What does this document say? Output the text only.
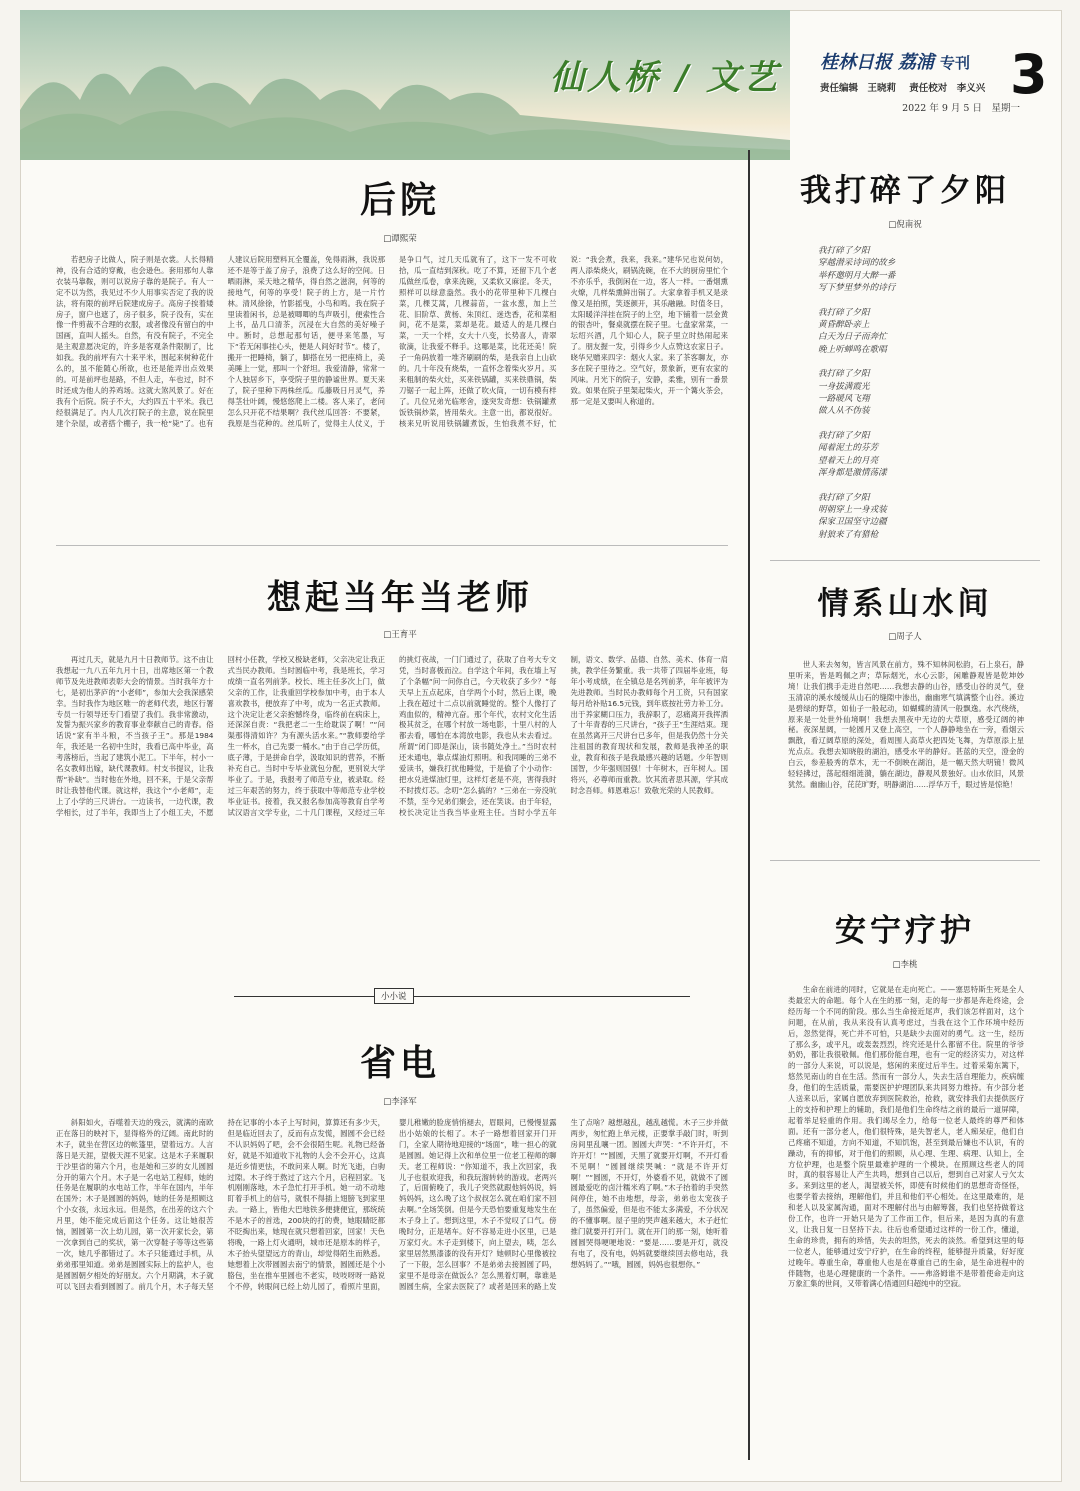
仙人桥 / 文艺 桂林日报 荔浦 专刊
责任编辑　王晓莉 责任校对　李义兴
2022 年 9 月 5 日　星期一
3
后院
□谭熙荣

若把房子比做人，院子则是衣裳。人长得精神，没有合适的穿戴，也会逊色。套用那句人靠衣装马靠鞍，则可以说房子靠的是院子。有人一定不以为然，我见过不少人用事实否定了我的说法，将有限的前坪后院建成房子。高房子挨着矮房子，窗户也遮了，房子很多，院子没有，实在像一件剪裁不合理的衣服，或者像没有留白的中国画，直叫人摇头。自然，有没有院子，不完全是主观意愿决定的，许多是客观条件限制了，比如我。我的前坪有六十来平米，围起来树种花什么的，虽不能随心所欲，也还是能弄出点效果的。可是前坪也是路，不但人走，车也过，时不时还成为他人的养鸡场。这就大煞风景了。好在我有个后院。院子不大，大约四五十平米。我已经很满足了。内人几次打院子的主意，说在院里建个杂屋，或者搭个棚子，我一枪“毙”了。也有人建议后院用塑料瓦全覆盖，免得雨淋，我说那还不是等于盖了房子，浪费了这么好的空间。日晒雨淋，采天地之精华，得自然之滋润，何等的接地气，何等的享受！院子的上方，是一片竹林。清风徐徐，竹影摇曳，小鸟和鸣。我在院子里读着闲书，总是被唧唧的鸟声吸引，便索性合上书，品几口清茶，沉浸在大自然的美好噪子中。断时，总想起那句话，便寻来笔墨，写下“若无闲事挂心头，便是人间好时节”。楼了，搬开一把睡椅，躺了，脚搭在另一把座椅上，美美睡上一觉，那叫一个舒坦。我爱清静，常常一个人独居乡下，享受院子里的静谧世界。夏天来了，院子里种下两株丝瓜。瓜藤吸日月灵气，养得茎壮叶阔，慢悠悠爬上二楼。客人来了，老问怎么只开花不结果啊？我代丝瓜回答：不要紧，我原是当花种的。丝瓜听了，觉得主人仗义，于是争口气，过几天瓜就有了，这下一发不可收拾，瓜一直结到深秋。吃了不算，还留下几个老瓜做丝瓜卷，拿来洗碗，又柔软又麻涩。冬天，照样可以绿意盎然。我小的花带里种下几棵白菜，几棵艾蒿，几棵蒜苗，一盆水葱，加上兰花、旧阶草、黄杨、朱顶红、迷迭香，花和菜相间，花不是菜，菜却是花。最适人的是几棵白菜，一天一个样，女大十八变，长势喜人，青翠欲滴，让我爱不释手。这哪是菜，比花还美！院子一角码放着一堆齐刷刷的柴，是我亲自上山砍的。几十年没有烧柴，一直怀念着柴火岁月。买来粗制的柴火灶，买来铁锅罐，买来铁鼎锅，柴刀锯子一起上阵，还做了吹火筒，一切有模有样了。几位兄弟光临寒舍，遂突发奇想：铁锅罐煮饭铁锅炒菜，皆用柴火。主意一出，都说很好。核来兄听说用铁锅罐煮饭，生怕我煮不好，忙说：“我会煮，我来，我来。”建华兄也说何妨，两人添柴烧火，刷锅洗碗，在不大的厨房里忙个不亦乐乎，我倒闲在一边，客人一样。一番烟熏火燎，几样柴熏鲜出锅了。大家拿着手机又是录像又是拍照，笑逐颜开，其乐融融。时值冬日，太阳暖洋洋挂在院子的上空，地下铺着一层金黄的银杏叶，餐桌就摆在院子里。七盘家常菜，一坛绍兴酒，几个知心人，院子里立时热闹起来了。朋友握一发，引得乡少人点赞这农家日子。晓华兄赠来四字：烟火人家。来了茶客聊友，亦多在院子里待之。空气好，景象新，更有农家的风味。月光下的院子，安静，柔雅，别有一番景致。如果在院子里架起柴火，开一个篝火茶会，那一定是又要叫人称道的。

想起当年当老师
□王育平

再过几天，就是九月十日教师节。这不由让我想起一九八五年九月十日，出席地区第一个教师节及先进教师表彰大会的情景。当时我年方十七，是初出茅庐的“小老师”，参加大会我深感荣幸。当时我作为地区唯一的老师代表，地区行署专员一行领导还专门看望了我们。我非常激动，发誓为振兴家乡的教育事业奉献自己的青春。俗话说“家有半斗粮，不当孩子王”。那是1984年，我还是一名初中生时，我看已高中毕业，高考落榜后，当起了建筑小泥工。下半年，村小一名女教师出嫁，缺代课教师。村支书提议，让我帮“补缺”。当时他在外地，回不来，于是父亲帮时让我替他代课。就这样，我这个“小老师”，走上了小学的三尺讲台。一边读书，一边代课，教学相长，过了半年，我即当上了小组工夫，不愿回村小任教，学校又极缺老师，父亲决定让我正式当民办教师。当时圆临中考，我是班长，学习成绩一直名列前茅。校长、班主任多次上门，做父亲的工作，让我重回学校参加中考，由于本人喜欢教书，便放弃了中考，成为一名正式教师。这个决定让老父亲抱憾终身，临终前在病床上，还深深自责：“我把老二一生给耽误了啊！”“问渠那得清如许？为有源头活水来。”“教师要给学生一杯水，自己先要一桶水。”由于自己学历低，底子薄，于是拼命自学，汲取知识的营养，不断补充自己。当时中专毕业就包分配，更别说大学毕业了。于是，我报考了师范专业，被录取。经过三年艰苦的努力，终于获取中等师范专业学校毕业证书。接着，我又报名参加高等教育自学考试汉语言文学专业，二十几门课程，又经过三年的挑灯夜战，一门门通过了，获取了自考大专文凭，当时喜极而泣。自学这个年间，我在墙上写了个条幅“问一问你自己，今天收获了多少？”每天早上五点起床，自学两个小时，然后上课，晚上我在超过十二点以前就睡觉的。整个人像打了鸡血似的，精神亢奋。那个年代，农村文化生活极其贫乏，在哪个村放一场电影，十里八村的人都去看，哪怕在本湾放电影，我也从未去看过。所谓“闭门即是深山，读书随处净土。”当时农村还未通电，靠点煤油灯照明。和我同睡的三弟不爱读书，嫌我打扰他睡觉，于是偷了个小动作：把水兑进煤油灯里，这样灯老是不亮，害得我时不时拨灯芯。念叨“怎么搞的？”三弟在一旁没吭不禁，至今兄弟们聚会，还在笑谈。由于年轻，校长决定让当我当毕业班主任。当时小学五年制，语文、数学、品德、自然、美术、体育一肩挑，教学任务繁重。我一共带了四届毕业班，每年小考成绩，在全镇总是名列前茅，年年被评为先进教师。当时民办教师每个月工资，只有国家每月给补贴16.5元钱，到年底按社劳力补工分。出于养家糊口压力，我辞职了，忍痛离开我挥洒了十年青春的三尺讲台，“孩子王”生涯结束。现在虽然离开三尺讲台已多年，但是我仍然十分关注祖国的教育现状和发展，教师是我神圣的职业，教育和孩子是我最感兴趣的话题。少年智则国智，少年强则国强！十年树木，百年树人。国将兴，必尊师而重教。饮其流者思其源，学其成时念吾师。师恩难忘！致敬光荣的人民教师。

小小说
省电
□李泽军

斜阳如火，吞噬着天边的残云，就满的南欧正在落日的映衬下，显得格外的辽阔。南此时的木子，就坐在营区边的帐篷里，望着远方。人言落日是天涯，望极天涯不见家。这是木子来履职于沙里省的第六个月，也是她和三岁的女儿圆圆分开的第六个月。木子是一名电站工程师，她的任务是在履职的水电站工作，半年在国内，半年在国外；木子是圆圆的妈妈，她的任务是照顾这个小女孩，永远永远。但是然，在出差的这六个月里，她不能完成后面这个任务。这让她很苦恼，圆圆第一次上幼儿园，第一次开家长会，第一次拿到自己的奖状，第一次穿鞋子等等这些第一次，她几乎都错过了。木子只能通过手机，从弟弟那里知道。弟弟是圆圆实际上的监护人，也是圆圆朝夕相处的好朋友。六个月期满，木子就可以飞回去看到圆圆了。前几个月，木子每天坚持在记事的小本子上写时间，算算还有多少天，但是临近回去了，反而有点发慌，圆圆不会已经不认识妈妈了吧，会不会很陌生呢。礼物已经备好，就是不知道收下礼物的人会不会开心，这真是近乡情更怯，不敢问来人啊。时光飞逝，白驹过隙。木子终于熬过了这六个月，启程回家。飞机刚刚落地，木子急忙打开手机。她一动不动地盯着手机上的信号，就恨不得插上翅膀飞到家里去。一路上，皆他大巴地铁多便捷便宜，那统统不是木子的首选，200块的打的费，她眼睛眨都不眨掏出来，她现在就只想着回家，回家！天色将晚，一路上灯火通明，城市还是原本的样子，木子抬头望望远方的青山，却觉得陌生而熟悉。她想着上次带圆圆去南宁的情景，圆圆还是个小胳包，坐在推车里圆也不老实，吱吱呀呀一路说个不停，转眼间已经上幼儿园了，看照片里面，婴儿稚嫩的脸庞悄悄褪去，眉眼间，已慢慢显露出小姑娘的长相了。木子一路想着回家开门开门，全家人期待地迎接的“场面”，唯一担心的就是圆圆。她记得上次和单位里一位老工程师的聊天。老工程师说：“你知道不，我上次回家，我儿子也很欢迎我，和我玩溜转转的游戏。老两兴了，后面俯晚了，我儿子突然就跟他妈妈说，妈妈妈妈，这么晚了这个叔叔怎么就在咱们家不回去啊。”全场笑倒。但是今天恐怕要重复地发生在木子身上了。想到这里，木子不觉叹了口气。傍晚时分，正是堵车。好不容易走进小区里，已是万家灯火。木子走到楼下，向上望去，咦，怎么家里居然黑漆漆的没有开灯？她顿时心里像被拉了一下般，怎么回事？不是弟弟去接圆圆了吗，家里不是母亲在做饭么？怎么黑着灯啊，靠谁是圆圆生病，全家去医院了？或者是回来的路上发生了点啥？越想越乱，越乱越慌。木子三步并做两步，匆忙跑上单元楼，正要掌手敲门时，听到房间里乱嚷一团。圆圆大声哭：“不许开灯，不许开灯！”“圆圆，天黑了就要开灯啊，不开灯看不见啊！”圆圆继续哭喊：“就是不许开灯啊！”“圆圆，不开灯，外婆看不见，就做不了圆圆最爱吃的卤汁糯米鸡了啊。”木子抬着的手突然间停住，她不由地想，母亲，弟弟也太宠孩子了，虽然偏爱，但是也不能太多满爱，不分状况的不懂事啊。屋子里的哭声越来越大，木子赶忙推门就要开打开门。就在开门的那一刻，她听着圆圆哭得哽哽地说：“要是……要是开灯，就没有电了，没有电，妈妈就要继续回去修电站，我想妈妈了。”“哦，圆圆，妈妈也很想你。”

我打碎了夕阳
□倪南祝
我打碎了夕阳
穿越潜采诗词的故乡
举杯邀明月大醉一番
写下梦里梦外的诗行
我打碎了夕阳
黄昏醉卧亲上
白天为日子而奔忙
晚上听蝉鸣在歌唱
我打碎了夕阳
一身拔满霞光
一路暖风飞翔
做人从不伪装
我打碎了夕阳
闻着泥土的芬芳
望着天上的月亮
浑身都是激情荡漾
我打碎了夕阳
明朝穿上一身戎装
保家卫国坚守边疆
射狼来了有猎枪
情系山水间
□周子人

世人来去匆匆，皆言风景在前方，殊不知林间松韵，石上泉石，静里听来，皆是鸣佩之声；草际烟光，水心云影，闲雕静观皆是乾坤妙境！让我们携手走进自然吧……我想去静的山谷，感受山谷的灵气，登玉清凉的溪水缓缓从山石的缝隙中渗出，幽幽寒气填满整个山谷。溪边是碧绿的野草，如仙子一般起动，如蝴蝶的清风一般飘逸。水汽绕绕，原来是一处世外仙境啊！我想去黑夜中无边的大草原，感受辽阔的神秘。夜深星阔，一轮圆月又登上高空，一个人静静地坐在一旁，看烟云飘散，看辽阔草原的深处，看周围人高草火把四处飞舞，为草原添上星光点点。我想去知晓般的湖泊，感受水平的静好。甚蓝的天空，澄金的白云，参差般秀的草木，无一不倒映在湖泊，是一幅天然大明镜！微风轻轻拂过，荡起细细涟漪，躺在湖边，静观风景独好。山水依旧，风景犹然。幽幽山谷，芘芘旷野，明静湖泊……浮华万千，眼过皆是惊艳！

安宁疗护
□李桃

生命在前进的同时，它就是在走向死亡。——塞思特斯生死是全人类最宏大的命题。每个人在生的那一刻，走的每一步都是奔赴终途，会经历每一个不同的阶段。那么当生命接近尾声，我们该怎样面对，这个问题，在从前，我从来没有认真考虑过，当我在这个工作环境中经历后，忽然觉得，死亡并不可怕，只是缺少去面对的勇气。这一生，经历了那么多，或平凡，或轰轰烈烈，终究还是什么都留不住。院里的爷爷奶奶，都让我很敬佩。他们那份能自理，也有一定的经济实力，对这样的一部分人来说，可以说是，悠闲的来度过后半生。过着采菊东篱下，悠然见南山的自在生活。然而有一部分人，失去生活自理能力，疾病缠身，他们的生活质量，需要医护护理团队来共同努力维持。有少部分老人送来以后，家属自愿放弃到医院救治，抢救，就安排我们去提供医疗上的支持和护理上的辅助，我们是他们生命终结之前的最后一道屏障，起着举足轻重的作用。我们竭尽全力，给每一位老人最终的尊严和体面。还有一部分老人，他们很特殊，是失智老人，老人痴呆症，他们自己疼痛不知道，方向不知道，不知饥饱，甚至到最后嫌也不认识，有的躁动，有的抑郁，对于他们的照顾，从心理、生理、病理、认知上，全方位护理，也是整个院里最难护理的一个模块。在照顾这些老人的同时，真的很容易让人产生共鸣，想到自己以后，想到自己对家人亏欠太多。来到这里的老人，渴望被关怀，即使有时候他们的思想奇奇怪怪，也要学着去接纳，理解他们，并且和他们平心相处。在这里最难的，是和老人以及家属沟通，面对不理解付出与由解筹酱，我们也坚持做着这份工作，也许一开始只是为了工作而工作，但后来，是因为真的有意义，让我日复一日坚持下去。往后也希望通过这样的一份工作，懂道，生命的珍贵，拥有的珍惜，失去的坦然，死去的淡然。希望到这里的每一位老人，能够通过安宁疗护，在生命的终程，能够提升质量，好好度过晚年。尊重生命，尊重他人也是在尊重自己的生命，是生命进程中的伴随物，也是心理健康的一个条件。——弗洛姆谁不是带着使命走向这万象汇集的世间，又带着满心悟通回归超纯中的空寂。
